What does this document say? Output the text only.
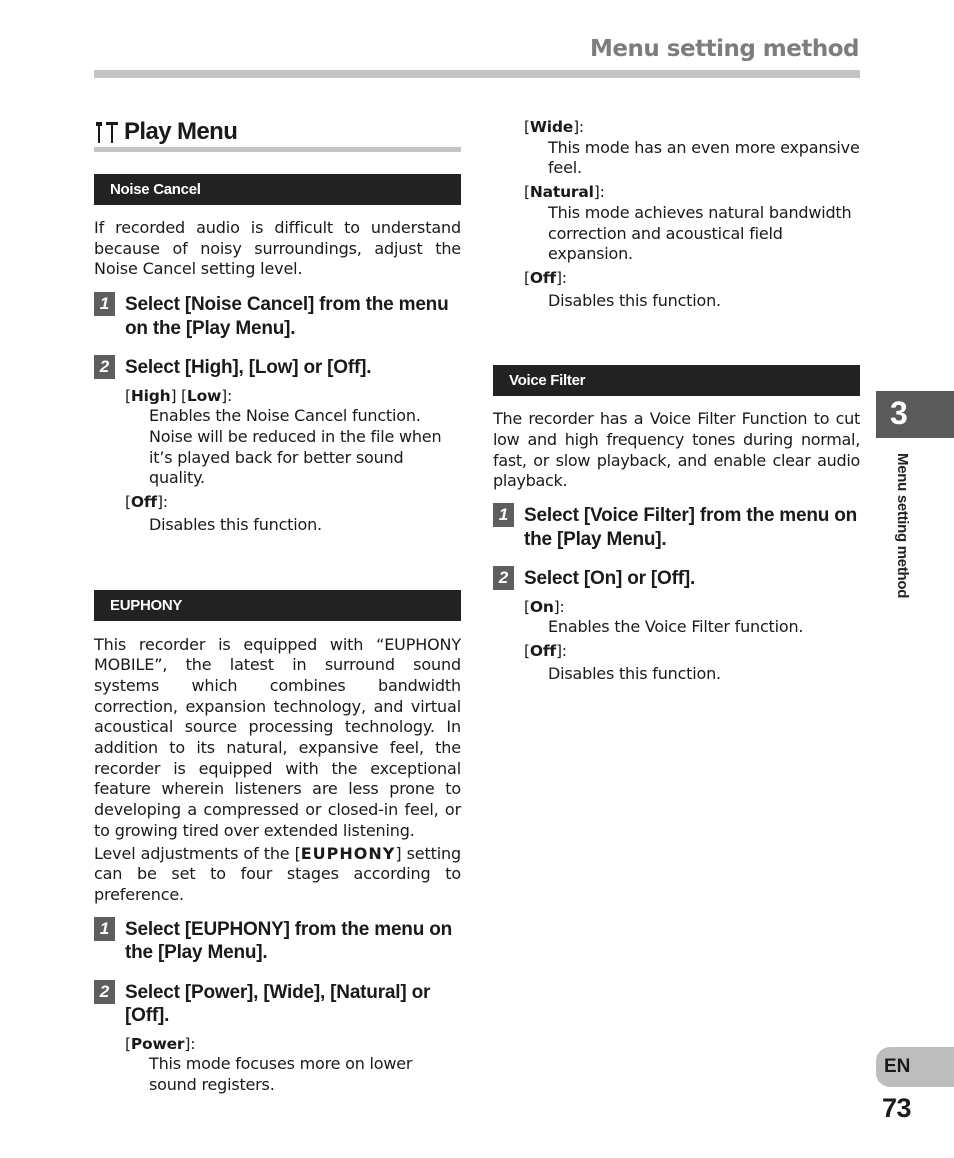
Menu setting method
Play Menu
Noise Cancel

If recorded audio is difficult to understand because of noisy surroundings, adjust the Noise Cancel setting level.

1 Select [Noise Cancel] from the menu on the [Play Menu].
2 Select [High], [Low] or [Off].
[High] [Low]:
Enables the Noise Cancel function. Noise will be reduced in the file when it’s played back for better sound quality.
[Off]:
Disables this function.
EUPHONY

This recorder is equipped with “EUPHONY MOBILE”, the latest in surround sound systems which combines bandwidth correction, expansion technology, and virtual acoustical source processing technology. In addition to its natural, expansive feel, the recorder is equipped with the exceptional feature wherein listeners are less prone to developing a compressed or closed-in feel, or to growing tired over extended listening.

Level adjustments of the [EUPHONY] setting can be set to four stages according to preference.

1 Select [EUPHONY] from the menu on the [Play Menu].
2 Select [Power], [Wide], [Natural] or [Off].
[Power]:
This mode focuses more on lower sound registers.
[Wide]:
This mode has an even more expansive feel.
[Natural]:
This mode achieves natural bandwidth correction and acoustical field expansion.
[Off]:
Disables this function.
Voice Filter

The recorder has a Voice Filter Function to cut low and high frequency tones during normal, fast, or slow playback, and enable clear audio playback.

1 Select [Voice Filter] from the menu on the [Play Menu].
2 Select [On] or [Off].
[On]:
Enables the Voice Filter function.
[Off]:
Disables this function.
3
Menu setting method
EN
73
